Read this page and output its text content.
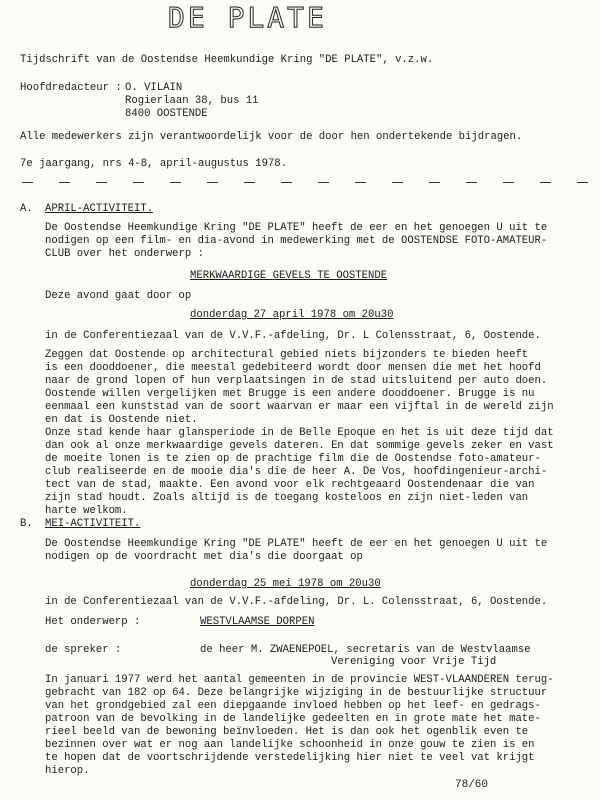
DE PLATE
Tijdschrift van de Oostendse Heemkundige Kring "DE PLATE", v.z.w.
Hoofdredacteur : O. VILAIN
Rogierlaan 38, bus 11
8400 OOSTENDE
Alle medewerkers zijn verantwoordelijk voor de door hen ondertekende bijdragen.
7e jaargang, nrs 4-8, april-augustus 1978.
A. APRIL-ACTIVITEIT.
De Oostendse Heemkundige Kring "DE PLATE" heeft de eer en het genoegen U uit te
nodigen op een film- en dia-avond in medewerking met de OOSTENDSE FOTO-AMATEUR-
CLUB over het onderwerp :
MERKWAARDIGE GEVELS TE OOSTENDE
Deze avond gaat door op
donderdag 27 april 1978 om 20u30
in de Conferentiezaal van de V.V.F.-afdeling, Dr. L Colensstraat, 6, Oostende.
Zeggen dat Oostende op architectural gebied niets bijzonders te bieden heeft
is een dooddoener, die meestal gedebiteerd wordt door mensen die met het hoofd
naar de grond lopen of hun verplaatsingen in de stad uitsluitend per auto doen.
Oostende willen vergelijken met Brugge is een andere dooddoener. Brugge is nu
eenmaal een kunststad van de soort waarvan er maar een vijftal in de wereld zijn
en dat is Oostende niet.
Onze stad kende haar glansperiode in de Belle Epoque en het is uit deze tijd dat
dan ook al onze merkwaardige gevels dateren. En dat sommige gevels zeker en vast
de moeite lonen is te zien op de prachtige film die de Oostendse foto-amateur-
club realiseerde en de mooie dia's die de heer A. De Vos, hoofdingenieur-archi-
tect van de stad, maakte. Een avond voor elk rechtgeaard Oostendenaar die van
zijn stad houdt. Zoals altijd is de toegang kosteloos en zijn niet-leden van
harte welkom.
B. MEI-ACTIVITEIT.
De Oostendse Heemkundige Kring "DE PLATE" heeft de eer en het genoegen U uit te
nodigen op de voordracht met dia's die doorgaat op
donderdag 25 mei 1978 om 20u30
in de Conferentiezaal van de V.V.F.-afdeling, Dr. L. Colensstraat, 6, Oostende.
Het onderwerp :	WESTVLAAMSE DORPEN
de spreker :	de heer M. ZWAENEPOEL, secretaris van de Westvlaamse
Vereniging voor Vrije Tijd
In januari 1977 werd het aantal gemeenten in de provincie WEST-VLAANDEREN terug-
gebracht van 182 op 64. Deze belangrijke wijziging in de bestuurlijke structuur
van het grondgebied zal een diepgaande invloed hebben op het leef- en gedrags-
patroon van de bevolking in de landelijke gedeelten en in grote mate het mate-
rieel beeld van de bewoning beïnvloeden. Het is dan ook het ogenblik even te
bezinnen over wat er nog aan landelijke schoonheid in onze gouw te zien is en
te hopen dat de voortschrijdende verstedelijking hier niet te veel vat krijgt
hierop.
78/60
